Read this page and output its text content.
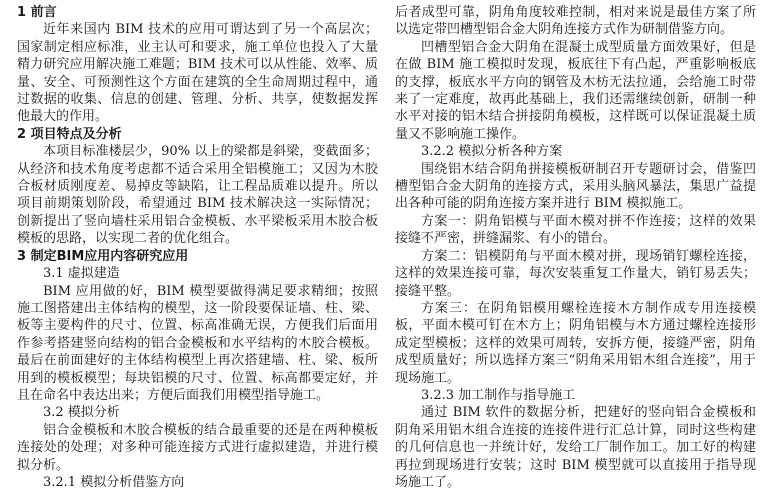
1 前言

近年来国内 BIM 技术的应用可谓达到了另一个高层次；国家制定相应标准，业主认可和要求，施工单位也投入了大量精力研究应用解决施工难题；BIM 技术可以从性能、效率、质量、安全、可预测性这个方面在建筑的全生命周期过程中，通过数据的收集、信息的创建、管理、分析、共享，使数据发挥他最大的作用。

2 项目特点及分析

本项目标准楼层少，90% 以上的梁都是斜梁，变截面多；从经济和技术角度考虑都不适合采用全铝模施工；又因为木胶合板材质刚度差、易掉皮等缺陷，让工程品质难以提升。所以项目前期策划阶段，希望通过 BIM 技术解决这一实际情况；创新提出了竖向墙柱采用铝合金模板、水平梁板采用木胶合板模板的思路，以实现二者的优化组合。

3 制定BIM应用内容研究应用

3.1 虚拟建造

BIM 应用做的好，BIM 模型要做得满足要求精细；按照施工图搭建出主体结构的模型，这一阶段要保证墙、柱、梁、板等主要构件的尺寸、位置、标高准确无误，方便我们后面用作参考搭建竖向结构的铝合金模板和水平结构的木胶合模板。最后在前面建好的主体结构模型上再次搭建墙、柱、梁、板所用到的模板模型；每块铝模的尺寸、位置、标高都要定好，并且在命名中表达出来；方便后面我们用模型指导施工。

3.2 模拟分析

铝合金模板和木胶合模板的结合最重要的还是在两种模板连接处的处理；对多种可能连接方式进行虚拟建造，并进行模拟分析。

3.2.1 模拟分析借鉴方向

后者成型可靠，阴角角度较难控制，相对来说是最佳方案了所以选定带凹槽型铝合金大阴角连接方式作为研制借鉴方向。

凹槽型铝合金大阴角在混凝土成型质量方面效果好，但是在做 BIM 施工模拟时发现，板底往下有凸起，严重影响板底的支撑，板底水平方向的钢管及木枋无法拉通，会给施工时带来了一定难度，故再此基础上，我们还需继续创新，研制一种水平对接的铝木结合拼接阴角模板，这样既可以保证混凝土质量又不影响施工操作。

3.2.2 模拟分析各种方案

围绕铝木结合阴角拼接模板研制召开专题研讨会，借鉴凹槽型铝合金大阴角的连接方式，采用头脑风暴法，集思广益提出各种可能的阴角连接方案并进行 BIM 模拟施工。

方案一：阴角铝模与平面木模对拼不作连接；这样的效果接缝不严密，拼缝漏浆、有小的错台。

方案二：铝模阴角与平面木模对拼，现场销钉螺栓连接，这样的效果连接可靠，每次安装重复工作量大，销钉易丢失；接缝平整。

方案三：在阴角铝模用螺栓连接木方制作成专用连接模板，平面木模可钉在木方上；阴角铝模与木方通过螺栓连接形成定型模板；这样的效果可周转，安拆方便，接缝严密，阴角成型质量好；所以选择方案三“阴角采用铝木组合连接”，用于现场施工。

3.2.3 加工制作与指导施工

通过 BIM 软件的数据分析，把建好的竖向铝合金模板和阴角采用铝木组合连接的连接件进行汇总计算，同时这些构建的几何信息也一并统计好，发给工厂制作加工。加工好的构建再拉到现场进行安装；这时 BIM 模型就可以直接用于指导现场施工了。
